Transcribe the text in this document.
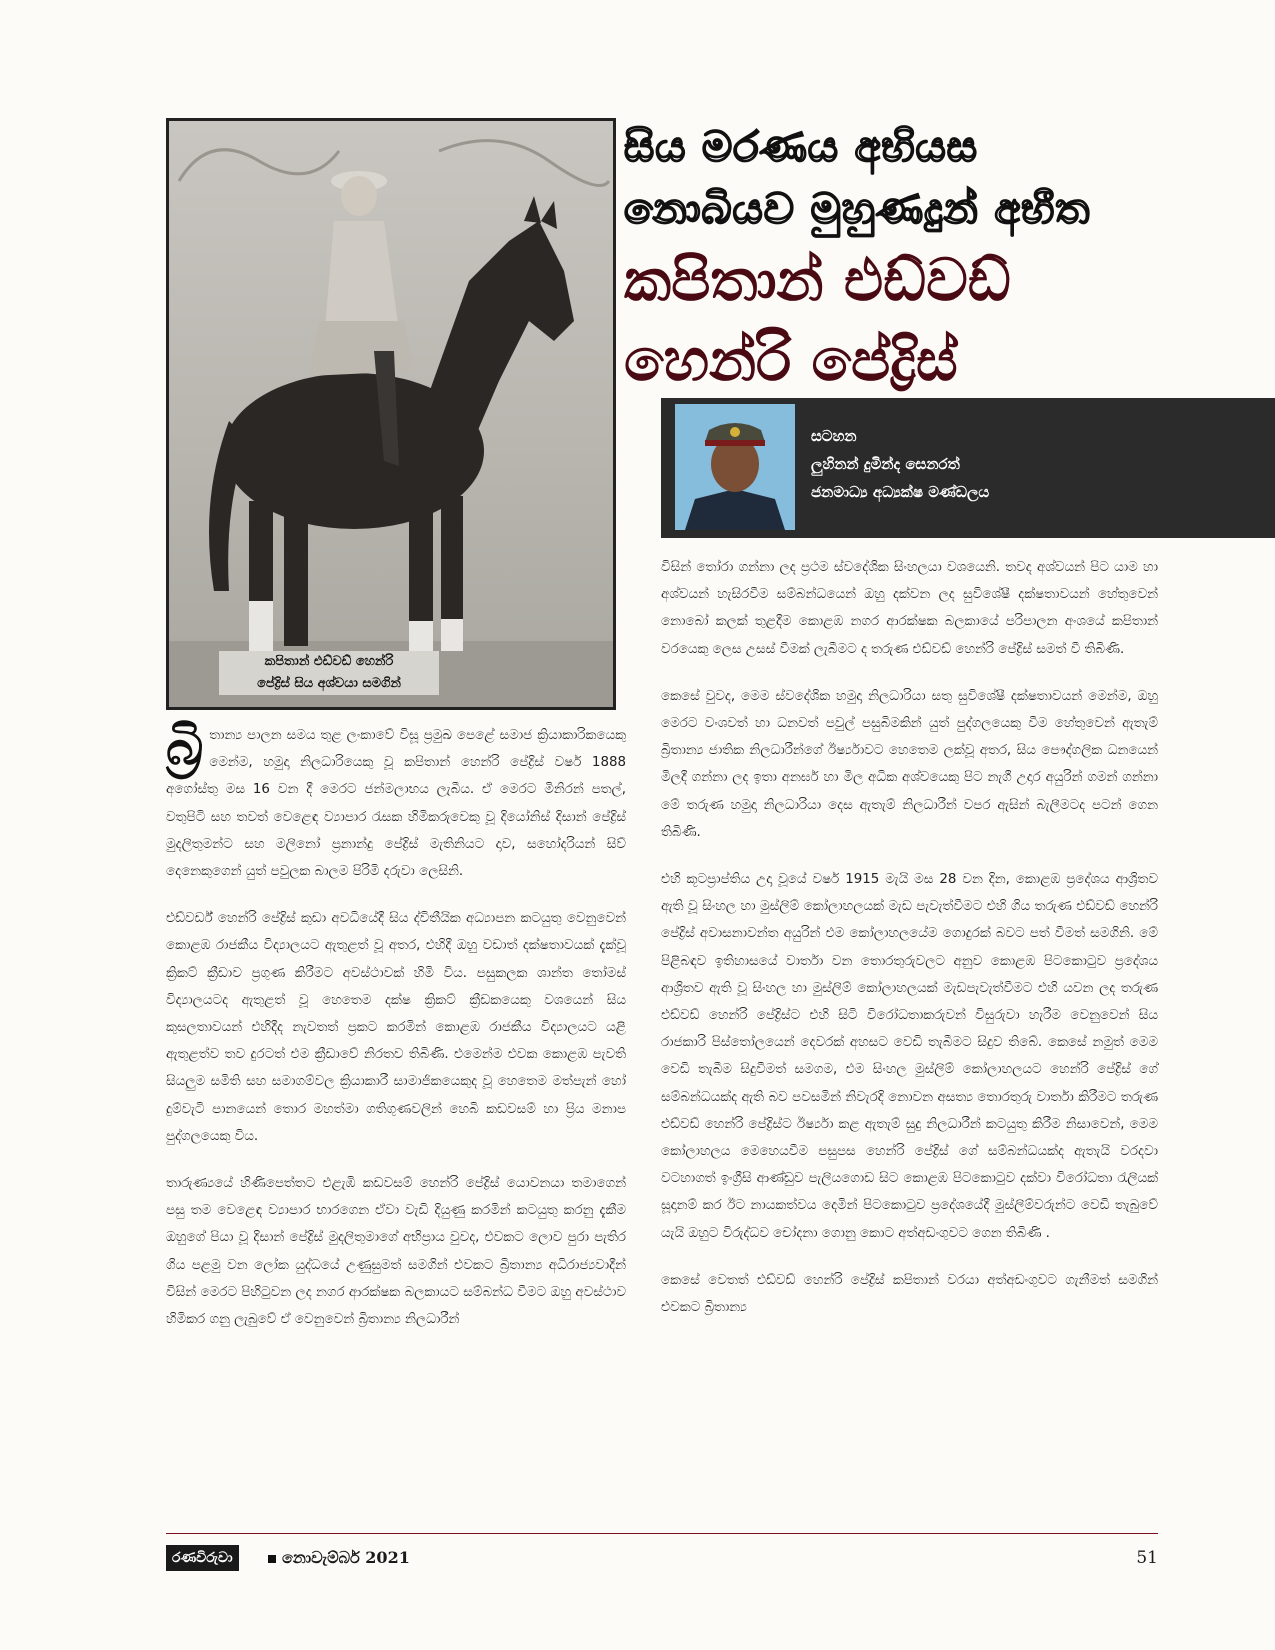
කපිතාන් එඩ්වඩ් හෙන්රි
පේද්‍රිස් සිය අශ්වයා සමගින්
සිය මරණය අභියස
නොබියව මුහුණදුන් අභීත
කපිතාන් එඩ්වඩ්
හෙන්රි පේද්‍රිස්
සටහන
ලුහිනන් දුමින්ද සෙනරත්
ජනමාධ්‍ය අධ්‍යක්ෂ මණ්ඩලය

බ්‍රි තාන්‍ය පාලන සමය තුළ ලංකාවේ විසූ ප්‍රමුඛ පෙළේ සමාජ ක්‍රියාකාරිකයෙකු මෙන්ම, හමුදා නිලධාරියෙකු වූ කපිතාන් හෙන්රි පේද්‍රිස් වර්ෂ 1888 අගෝස්තු මස 16 වන දී මෙරට ජන්මලාභය ලැබීය. ඒ මෙරට මිනිරන් පතල්, වතුපිටි සහ තවත් වෙළෙඳ ව්‍යාපාර රැසක හිමිකරුවෙකු වූ දියෝනිස් දිසාන් පේද්‍රිස් මුදලිතුමන්ට සහ මලිනෝ ප්‍රනාන්දු පේද්‍රිස් මැතිනියට දාව, සහෝදරියන් සිව් දෙනෙකුගෙන් යුත් පවුලක බාලම පිරිමි දරුවා ලෙසිනි.

එඩ්වර්ඩ් හෙන්රි පේද්‍රිස් කුඩා අවධියේදී සිය ද්විතීයික අධ්‍යාපන කටයුතු වෙනුවෙන් කොළඹ රාජකීය විද්‍යාලයට ඇතුළත් වූ අතර, එහිදී ඔහු වඩාත් දක්ෂතාවයක් දැක්වූ ක්‍රිකට් ක්‍රීඩාව ප්‍රගුණ කිරීමට අවස්ථාවක් හිමි විය. පසුකලක ශාන්ත තෝමස් විද්‍යාලයටද ඇතුළත් වූ හෙතෙම දක්ෂ ක්‍රිකට් ක්‍රීඩකයෙකු වශයෙන් සිය කුසලතාවයන් එහිදීද නැවතත් ප්‍රකට කරමින් කොළඹ රාජකීය විද්‍යාලයට යළි ඇතුළත්ව තව දුරටත් එම ක්‍රීඩාවේ නිරතව තිබිණි. එමෙන්ම එවක කොළඹ පැවති සියලුම සමිති සහ සමාගම්වල ක්‍රියාකාරී සාමාජිකයෙකුද වූ හෙතෙම මත්පැන් හෝ දුම්වැටි පානයෙන් තොර මහත්මා ගතිගුණවලින් හෙබි කඩවසම් හා ප්‍රිය මනාප පුද්ගලයෙකු විය.

තාරුණ්‍යයේ හිණිපෙත්තට එළැඹි කඩවසම් හෙන්රි පේද්‍රිස් යොවනයා තමාගෙන් පසු තම වෙළෙඳ ව්‍යාපාර භාරගෙන ඒවා වැඩි දියුණු කරමින් කටයුතු කරනු දැකීම ඔහුගේ පියා වූ දිසාන් පේද්‍රිස් මුදලිතුමාගේ අභිප්‍රාය වුවද, එවකට ලොව පුරා පැතිර ගිය පළමු වන ලෝක යුද්ධයේ උණුසුමත් සමගින් එවකට බ්‍රිතාන්‍ය අධිරාජ්‍යවාදීන් විසින් මෙරට පිහිටුවන ලද නගර ආරක්ෂක බලකායට සම්බන්ධ වීමට ඔහු අවස්ථාව හිමිකර ගනු ලැබුවේ ඒ වෙනුවෙන් බ්‍රිතාන්‍ය නිලධාරීන්

විසින් තෝරා ගන්නා ලද ප්‍රථම ස්වදේශික සිංහලයා වශයෙනි. තවද අශ්වයන් පිට යාම හා අශ්වයන් හැසිරවීම සම්බන්ධයෙන් ඔහු දක්වන ලද සුවිශේෂී දක්ෂතාවයන් හේතුවෙන් නොබෝ කලක් තුළදීම කොළඹ නගර ආරක්ෂක බලකායේ පරිපාලන අංශයේ කපිතාන් වරයෙකු ලෙස උසස් වීමක් ලැබීමට ද තරුණ එඩ්වඩ් හෙන්රි පේද්‍රිස් සමත් වී තිබිණි.

කෙසේ වුවද, මෙම ස්වදේශික හමුදා නිලධාරියා සතු සුවිශේෂී දක්ෂතාවයන් මෙන්ම, ඔහු මෙරට වංශවත් හා ධනවත් පවුල් පසුබිමකින් යුත් පුද්ගලයෙකු වීම හේතුවෙන් ඇතැම් බ්‍රිතාන්‍ය ජාතික නිලධාරීන්ගේ ඊර්ෂ්‍යාවට හෙතෙම ලක්වූ අතර, සිය පෞද්ගලික ධනයෙන් මිලදී ගන්නා ලද ඉතා අනර්ඝ හා මිල අධික අශ්වයෙකු පිට නැගී උදාර අයුරින් ගමන් ගන්නා මේ තරුණ හමුදා නිලධාරියා දෙස ඇතැම් නිලධාරීන් වපර ඇසින් බැලීමටද පටන් ගෙන තිබිණි.

එහි කූටප්‍රාප්තිය උදා වූයේ වර්ෂ 1915 මැයි මස 28 වන දින, කොළඹ ප්‍රදේශය ආශ්‍රිතව ඇති වූ සිංහල හා මුස්ලිම් කෝලාහලයක් මැඩ පැවැත්වීමට එහි ගිය තරුණ එඩ්වඩ් හෙන්රි පේද්‍රිස් අවාසනාවන්ත අයුරින් එම කෝලාහලයේම ගොදුරක් බවට පත් වීමත් සමගිනි. මේ පිළිබඳව ඉතිහාසයේ වාර්තා වන තොරතුරුවලට අනුව කොළඹ පිටකොටුව ප්‍රදේශය ආශ්‍රිතව ඇති වූ සිංහල හා මුස්ලිම් කෝලාහලයක් මැඩපැවැත්වීමට එහි යවන ලද තරුණ එඩ්වඩ් හෙන්රි පේද්‍රිස්ට එහි සිටි විරෝධතාකරුවන් විසුරුවා හැරීම වෙනුවෙන් සිය රාජකාරි පිස්තෝලයෙන් දෙවරක් අහසට වෙඩි තැබීමට සිදුව තිබේ. කෙසේ නමුත් මෙම වෙඩි තැබීම සිදුවීමත් සමගම, එම සිංහල මුස්ලිම් කෝලාහලයට හෙන්රි පේද්‍රිස් ගේ සම්බන්ධයක්ද ඇති බව පවසමින් නිවැරදි නොවන අසත්‍ය තොරතුරු වාර්තා කිරීමට තරුණ එඩ්වඩ් හෙන්රි පේද්‍රිස්ට ඊර්ෂ්‍යා කළ ඇතැම් සුදු නිලධාරීන් කටයුතු කිරීම නිසාවෙන්, මෙම කෝලාහලය මෙහෙයවීම පසුපස හෙන්රි පේද්‍රිස් ගේ සම්බන්ධයක්ද ඇතැයි වරදවා වටහාගත් ඉංග්‍රීසි ආණ්ඩුව පැලියගොඩ සිට කොළඹ පිටකොටුව දක්වා විරෝධතා රැලියක් සූදානම් කර ඊට නායකත්වය දෙමින් පිටකොටුව ප්‍රදේශයේදී මුස්ලිම්වරුන්ට වෙඩි තැබුවේ යැයි ඔහුට විරුද්ධව චෝදනා ගොනු කොට අත්අඩංගුවට ගෙන තිබිණි .

කෙසේ වෙතත් එඩ්වඩ් හෙන්රි පේද්‍රිස් කපිතාන් වරයා අත්අඩංගුවට ගැනීමත් සමගින් එවකට බ්‍රිතාන්‍ය

රණවිරුවා	නොවැම්බර් 2021	51
